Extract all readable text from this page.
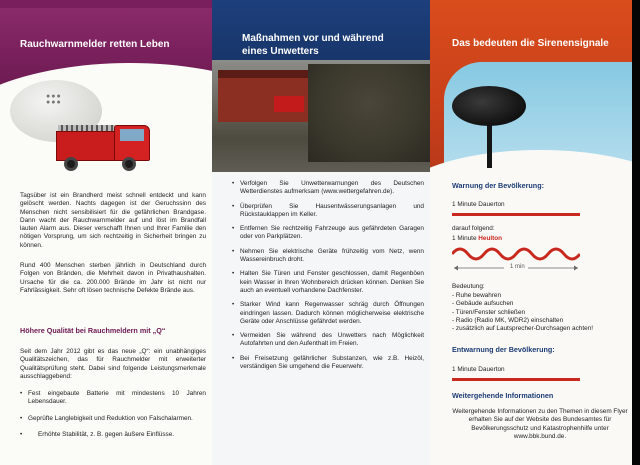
Rauchwarnmelder retten Leben
●●●
●●●
Tagsüber ist ein Brandherd meist schnell entdeckt und kann gelöscht werden. Nachts dagegen ist der Geruchssinn des Menschen nicht sensibilisiert für die gefährlichen Brandgase. Dann wacht der Rauchwarnmelder auf und löst im Brandfall lauten Alarm aus. Dieser verschafft Ihnen und Ihrer Familie den nötigen Vorsprung, um sich rechtzeitig in Sicherheit bringen zu können.
Rund 400 Menschen sterben jährlich in Deutschland durch Folgen von Bränden, die Mehrheit davon in Privathaushalten. Ursache für die ca. 200.000 Brände im Jahr ist nicht nur Fahrlässigkeit. Sehr oft lösen technische Defekte Brände aus.
Höhere Qualität bei Rauchmeldern mit „Q“
Seit dem Jahr 2012 gibt es das neue „Q“: ein unabhängiges Qualitätszeichen, das für Rauchmelder mit erweiterter Qualitätsprüfung steht. Dabei sind folgende Leistungsmerkmale ausschlaggebend:
• Fest eingebaute Batterie mit mindestens 10 Jahren Lebensdauer.
• Geprüfte Langlebigkeit und Reduktion von Falschalarmen.
• Erhöhte Stabilität, z. B. gegen äußere Einflüsse.
Maßnahmen vor und während
eines Unwetters
• Verfolgen Sie Unwetterwarnungen des Deutschen Wetterdienstes aufmerksam (www.wettergefahren.de).
• Überprüfen Sie Hausentwässerungsanlagen und Rückstauklappen im Keller.
• Entfernen Sie rechtzeitig Fahrzeuge aus gefährdeten Garagen oder von Parkplätzen.
• Nehmen Sie elektrische Geräte frühzeitig vom Netz, wenn Wassereinbruch droht.
• Halten Sie Türen und Fenster geschlossen, damit Regenböen kein Wasser in Ihren Wohnbereich drücken können. Denken Sie auch an eventuell vorhandene Dachfenster.
• Starker Wind kann Regenwasser schräg durch Öffnungen eindringen lassen. Dadurch können möglicherweise elektrische Geräte oder Anschlüsse gefährdet werden.
• Vermeiden Sie während des Unwetters nach Möglichkeit Autofahrten und den Aufenthalt im Freien.
• Bei Freisetzung gefährlicher Substanzen, wie z.B. Heizöl, verständigen Sie umgehend die Feuerwehr.
Das bedeuten die Sirenensignale
Warnung der Bevölkerung:
1 Minute Dauerton
darauf folgend:
1 Minute Heulton
1 min
Bedeutung:
- Ruhe bewahren
- Gebäude aufsuchen
- Türen/Fenster schließen
- Radio (Radio MK, WDR2) einschalten
- zusätzlich auf Lautsprecher-Durchsagen achten!
Entwarnung der Bevölkerung:
1 Minute Dauerton
Weitergehende Informationen
Weitergehende Informationen zu den Themen in diesem Flyer erhalten Sie auf der Website des Bundesamtes für Bevölkerungsschutz und Katastrophenhilfe unter www.bbk.bund.de.
